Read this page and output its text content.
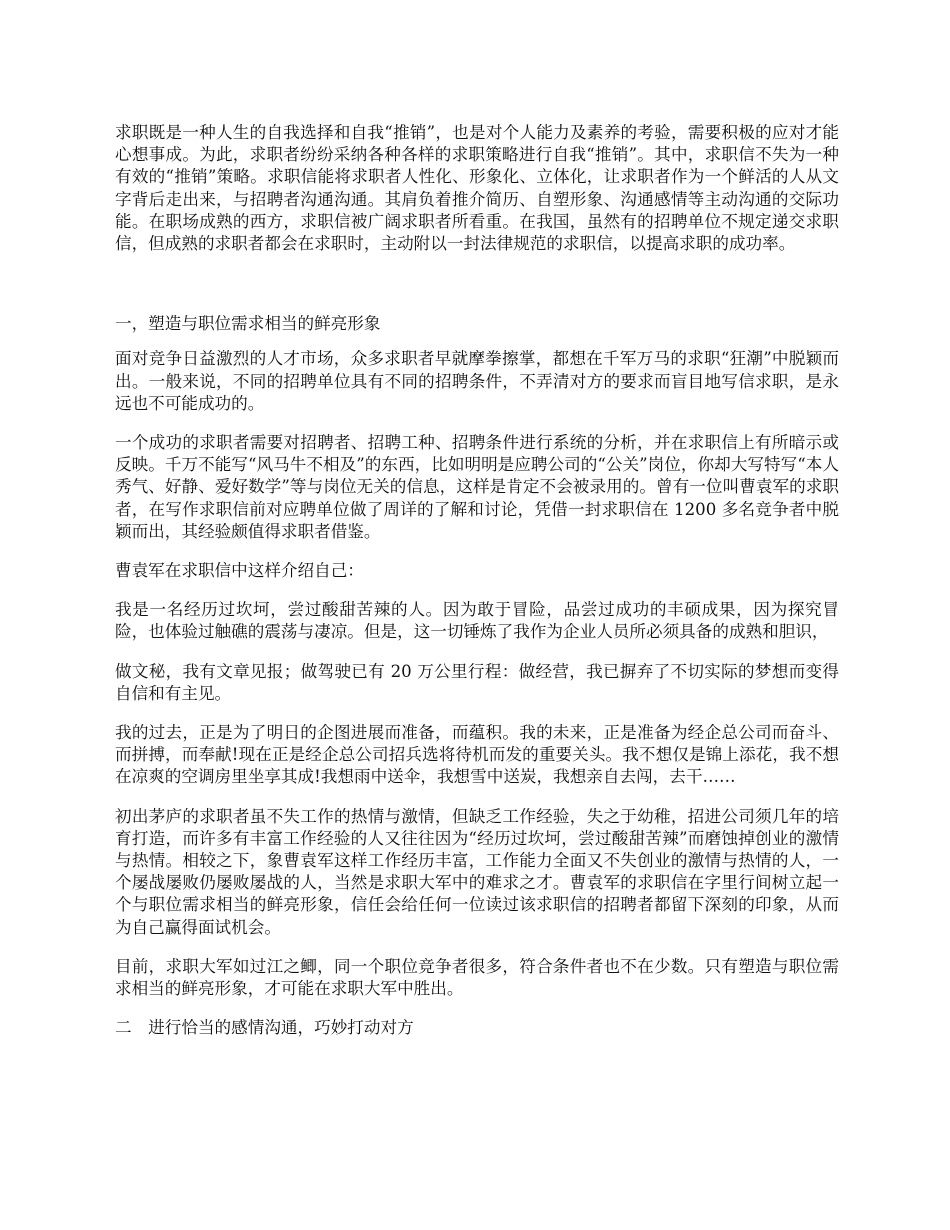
求职既是一种人生的自我选择和自我“推销”，也是对个人能力及素养的考验，需要积极的应对才能心想事成。为此，求职者纷纷采纳各种各样的求职策略进行自我“推销”。其中，求职信不失为一种有效的“推销”策略。求职信能将求职者人性化、形象化、立体化，让求职者作为一个鲜活的人从文字背后走出来，与招聘者沟通沟通。其肩负着推介简历、自塑形象、沟通感情等主动沟通的交际功能。在职场成熟的西方，求职信被广阔求职者所看重。在我国，虽然有的招聘单位不规定递交求职信，但成熟的求职者都会在求职时，主动附以一封法律规范的求职信，以提高求职的成功率。

一，塑造与职位需求相当的鲜亮形象

面对竞争日益激烈的人才市场，众多求职者早就摩拳擦掌，都想在千军万马的求职“狂潮”中脱颖而出。一般来说，不同的招聘单位具有不同的招聘条件，不弄清对方的要求而盲目地写信求职，是永远也不可能成功的。

一个成功的求职者需要对招聘者、招聘工种、招聘条件进行系统的分析，并在求职信上有所暗示或反映。千万不能写“风马牛不相及”的东西，比如明明是应聘公司的“公关”岗位，你却大写特写“本人秀气、好静、爱好数学”等与岗位无关的信息，这样是肯定不会被录用的。曾有一位叫曹袁军的求职者，在写作求职信前对应聘单位做了周详的了解和讨论，凭借一封求职信在 1200 多名竞争者中脱颖而出，其经验颇值得求职者借鉴。

曹袁军在求职信中这样介绍自己：

我是一名经历过坎坷，尝过酸甜苦辣的人。因为敢于冒险，品尝过成功的丰硕成果，因为探究冒险，也体验过触礁的震荡与凄凉。但是，这一切锤炼了我作为企业人员所必须具备的成熟和胆识，

做文秘，我有文章见报；做驾驶已有 20 万公里行程：做经营，我已摒弃了不切实际的梦想而变得自信和有主见。

我的过去，正是为了明日的企图进展而准备，而蕴积。我的未来，正是准备为经企总公司而奋斗、而拼搏，而奉献!现在正是经企总公司招兵选将待机而发的重要关头。我不想仅是锦上添花，我不想在凉爽的空调房里坐享其成!我想雨中送伞，我想雪中送炭，我想亲自去闯，去干……

初出茅庐的求职者虽不失工作的热情与激情，但缺乏工作经验，失之于幼稚，招进公司须几年的培育打造，而许多有丰富工作经验的人又往往因为“经历过坎坷，尝过酸甜苦辣”而磨蚀掉创业的激情与热情。相较之下，象曹袁军这样工作经历丰富，工作能力全面又不失创业的激情与热情的人，一个屡战屡败仍屡败屡战的人，当然是求职大军中的难求之才。曹袁军的求职信在字里行间树立起一个与职位需求相当的鲜亮形象，信任会给任何一位读过该求职信的招聘者都留下深刻的印象，从而为自己赢得面试机会。

目前，求职大军如过江之鲫，同一个职位竞争者很多，符合条件者也不在少数。只有塑造与职位需求相当的鲜亮形象，才可能在求职大军中胜出。

二　进行恰当的感情沟通，巧妙打动对方
